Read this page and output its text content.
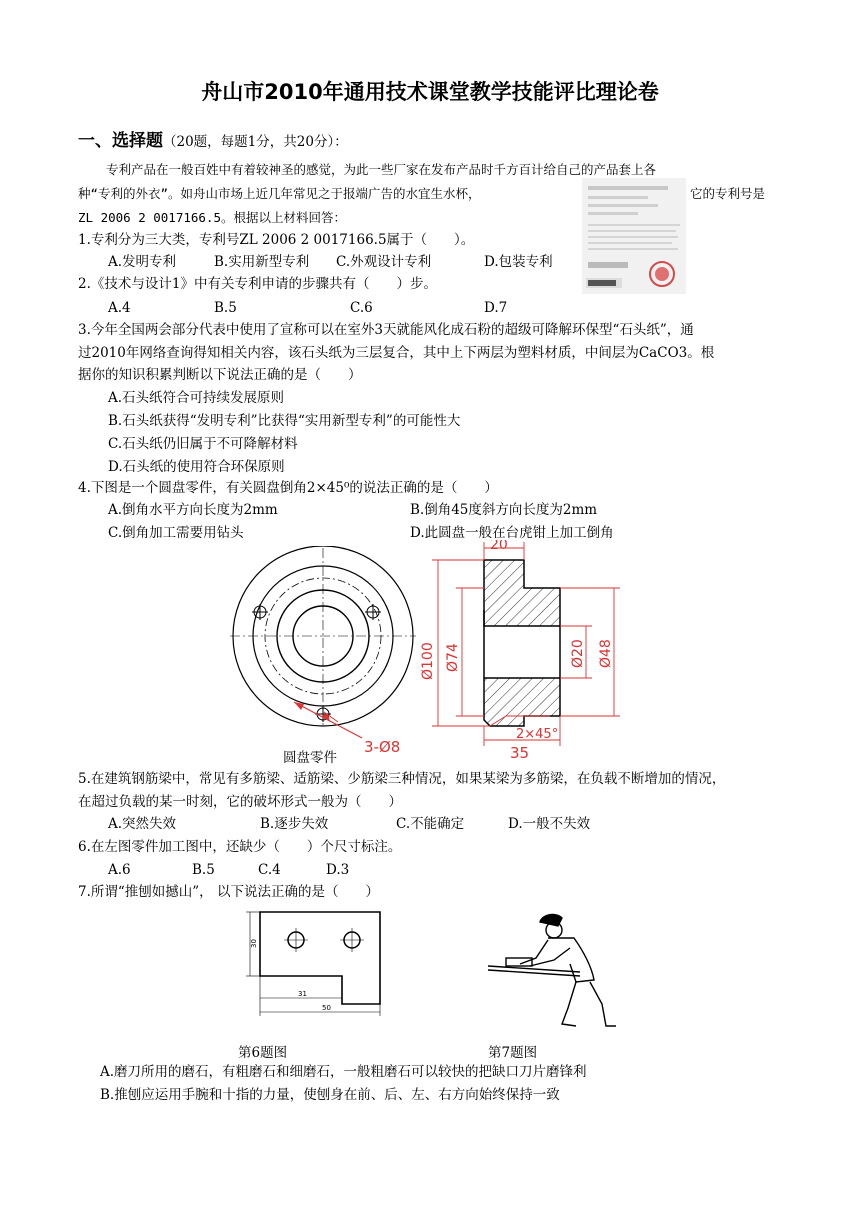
舟山市2010年通用技术课堂教学技能评比理论卷
一、选择题（20题，每题1分，共20分）：
专利产品在一般百姓中有着较神圣的感觉，为此一些厂家在发布产品时千方百计给自己的产品套上各
种“专利的外衣”。如舟山市场上近几年常见之于报端广告的水宜生水杯，	它的专利号是
ZL 2006 2 0017166.5。根据以上材料回答：
1.专利分为三大类，专利号ZL 2006 2 0017166.5属于（　　）。
A.发明专利	B.实用新型专利 C.外观设计专利	D.包装专利
2.《技术与设计1》中有关专利申请的步骤共有（　　）步。
A.4	B.5	C.6	D.7
3.今年全国两会部分代表中使用了宣称可以在室外3天就能风化成石粉的超级可降解环保型“石头纸”，通
过2010年网络查询得知相关内容，该石头纸为三层复合，其中上下两层为塑料材质，中间层为CaCO3。根
据你的知识积累判断以下说法正确的是（　　）
A.石头纸符合可持续发展原则
B.石头纸获得“发明专利”比获得“实用新型专利”的可能性大
C.石头纸仍旧属于不可降解材料
D.石头纸的使用符合环保原则
4.下图是一个圆盘零件，有关圆盘倒角2×45⁰的说法正确的是（　　）
A.倒角水平方向长度为2mm	B.倒角45度斜方向长度为2mm
C.倒角加工需要用钻头	D.此圆盘一般在台虎钳上加工倒角
3-Ø8
圆盘零件
20
Ø100 Ø74	Ø20 Ø48
2×45°
35
5.在建筑钢筋梁中，常见有多筋梁、适筋梁、少筋梁三种情况，如果某梁为多筋梁，在负载不断增加的情况，
在超过负载的某一时刻，它的破坏形式一般为（　　）
A.突然失效	B.逐步失效	C.不能确定	D.一般不失效
6.在左图零件加工图中，还缺少（　　）个尺寸标注。
A.6	B.5	C.4	D.3
7.所谓“推刨如撼山”， 以下说法正确的是（　　）
30
31
50
第6题图	第7题图
A.磨刀所用的磨石，有粗磨石和细磨石，一般粗磨石可以较快的把缺口刀片磨锋利
B.推刨应运用手腕和十指的力量，使刨身在前、后、左、右方向始终保持一致
